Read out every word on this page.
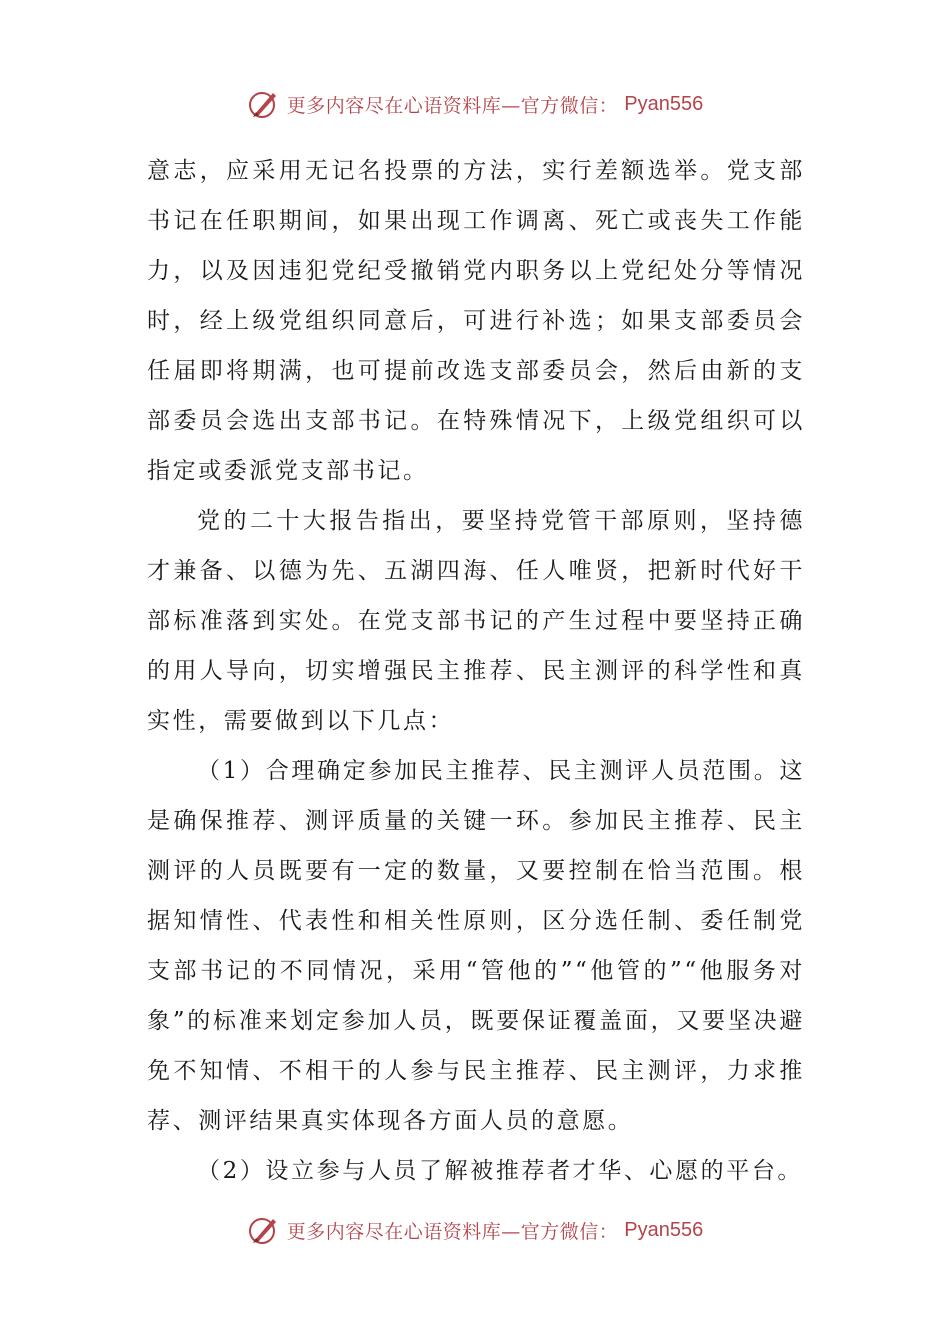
更多内容尽在心语资料库—官方微信： Pyan556

意志，应采用无记名投票的方法，实行差额选举。党支部书记在任职期间，如果出现工作调离、死亡或丧失工作能力，以及因违犯党纪受撤销党内职务以上党纪处分等情况时，经上级党组织同意后，可进行补选；如果支部委员会任届即将期满，也可提前改选支部委员会，然后由新的支部委员会选出支部书记。在特殊情况下，上级党组织可以指定或委派党支部书记。

党的二十大报告指出，要坚持党管干部原则，坚持德才兼备、以德为先、五湖四海、任人唯贤，把新时代好干部标准落到实处。在党支部书记的产生过程中要坚持正确的用人导向，切实增强民主推荐、民主测评的科学性和真实性，需要做到以下几点：

（1）合理确定参加民主推荐、民主测评人员范围。这是确保推荐、测评质量的关键一环。参加民主推荐、民主测评的人员既要有一定的数量，又要控制在恰当范围。根据知情性、代表性和相关性原则，区分选任制、委任制党支部书记的不同情况，采用“管他的”“他管的”“他服务对象”的标准来划定参加人员，既要保证覆盖面，又要坚决避免不知情、不相干的人参与民主推荐、民主测评，力求推荐、测评结果真实体现各方面人员的意愿。

（2）设立参与人员了解被推荐者才华、心愿的平台。

更多内容尽在心语资料库—官方微信： Pyan556
